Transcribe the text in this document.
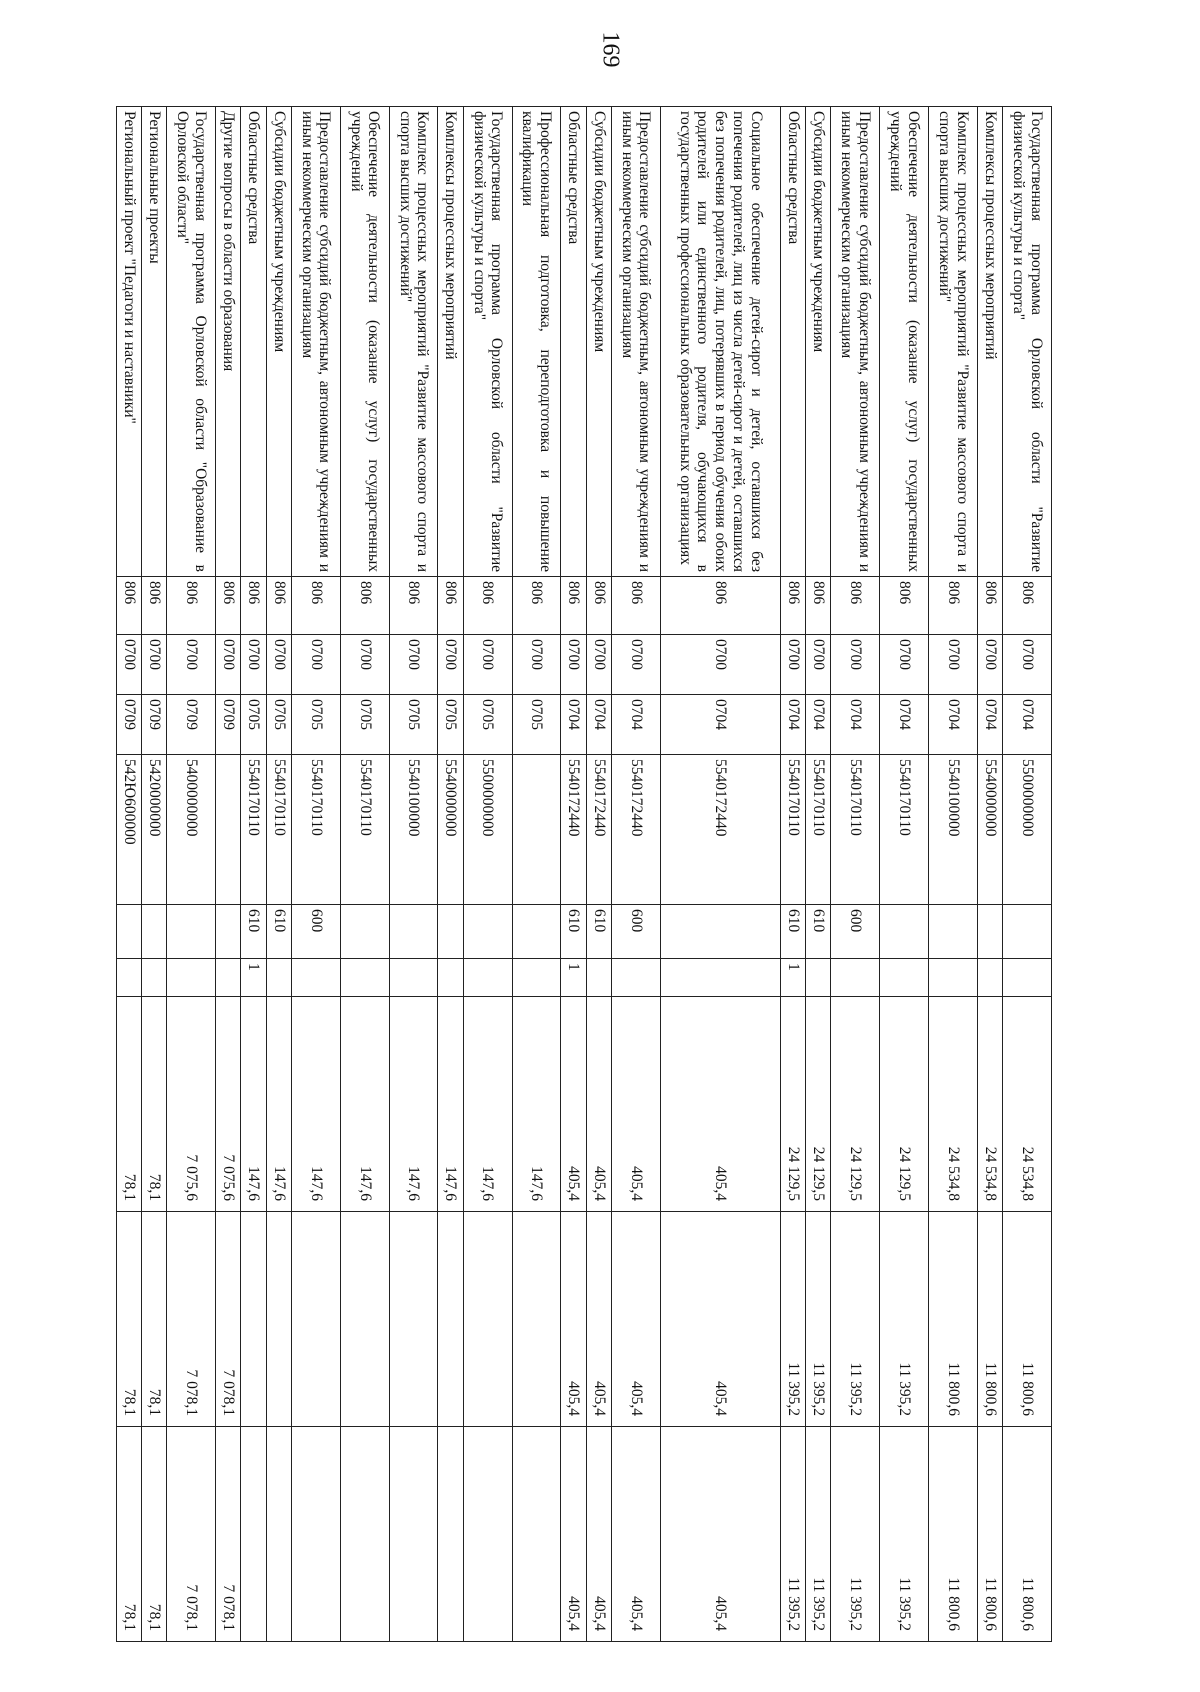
169
Государственная программа Орловской области "Развитие физической культуры и спорта"	806	0700	0704	5500000000			24 534,8	11 800,6	11 800,6
Комплексы процессных мероприятий	806	0700	0704	5540000000			24 534,8	11 800,6	11 800,6
Комплекс процессных мероприятий "Развитие массового спорта и спорта высших достижений"	806	0700	0704	5540100000			24 534,8	11 800,6	11 800,6
Обеспечение деятельности (оказание услуг) государственных учреждений	806	0700	0704	5540170110			24 129,5	11 395,2	11 395,2
Предоставление субсидий бюджетным, автономным учреждениям и иным некоммерческим организациям	806	0700	0704	5540170110	600		24 129,5	11 395,2	11 395,2
Субсидии бюджетным учреждениям	806	0700	0704	5540170110	610		24 129,5	11 395,2	11 395,2
Областные средства	806	0700	0704	5540170110	610	1	24 129,5	11 395,2	11 395,2
Социальное обеспечение детей-сирот и детей, оставшихся без попечения родителей, лиц из числа детей-сирот и детей, оставшихся без попечения родителей, лиц, потерявших в период обучения обоих родителей или единственного родителя, обучающихся в государственных профессиональных образовательных организациях	806	0700	0704	5540172440			405,4	405,4	405,4
Предоставление субсидий бюджетным, автономным учреждениям и иным некоммерческим организациям	806	0700	0704	5540172440	600		405,4	405,4	405,4
Субсидии бюджетным учреждениям	806	0700	0704	5540172440	610		405,4	405,4	405,4
Областные средства	806	0700	0704	5540172440	610	1	405,4	405,4	405,4
Профессиональная подготовка, переподготовка и повышение квалификации	806	0700	0705				147,6		
Государственная программа Орловской области "Развитие физической культуры и спорта"	806	0700	0705	5500000000			147,6		
Комплексы процессных мероприятий	806	0700	0705	5540000000			147,6		
Комплекс процессных мероприятий "Развитие массового спорта и спорта высших достижений"	806	0700	0705	5540100000			147,6		
Обеспечение деятельности (оказание услуг) государственных учреждений	806	0700	0705	5540170110			147,6		
Предоставление субсидий бюджетным, автономным учреждениям и иным некоммерческим организациям	806	0700	0705	5540170110	600		147,6		
Субсидии бюджетным учреждениям	806	0700	0705	5540170110	610		147,6		
Областные средства	806	0700	0705	5540170110	610	1	147,6		
Другие вопросы в области образования	806	0700	0709				7 075,6	7 078,1	7 078,1
Государственная программа Орловской области "Образование в Орловской области"	806	0700	0709	5400000000			7 075,6	7 078,1	7 078,1
Региональные проекты	806	0700	0709	5420000000			78,1	78,1	78,1
Региональный проект "Педагоги и наставники"	806	0700	0709	542Ю600000			78,1	78,1	78,1
